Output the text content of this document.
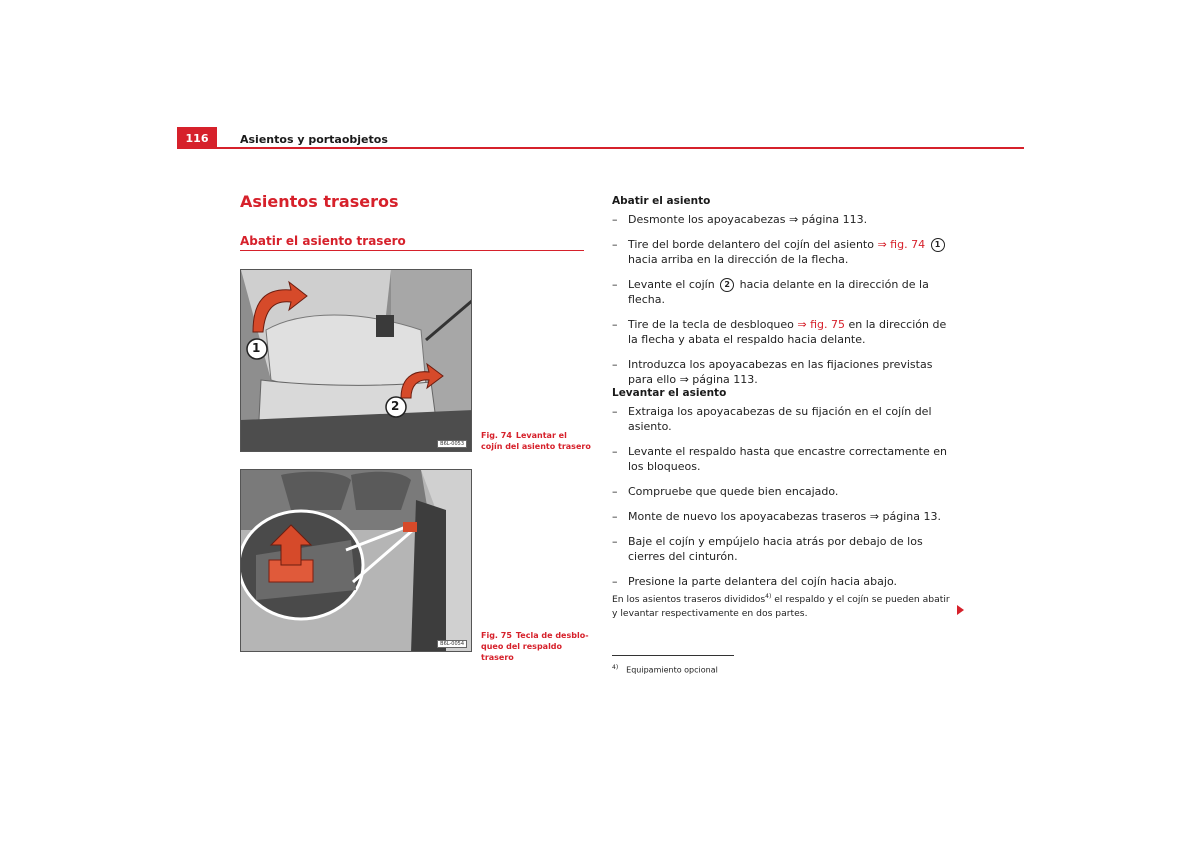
116	Asientos y portaobjetos
Asientos traseros
Abatir el asiento trasero
1
2
B6L-0053
Fig. 74 Levantar el cojín del asiento trasero
B6L-0054
Fig. 75 Tecla de desblo-queo del respaldo trasero
Abatir el asiento
– Desmonte los apoyacabezas ⇒ página 113.
– Tire del borde delantero del cojín del asiento ⇒ fig. 74 1 hacia arriba en la dirección de la flecha.
– Levante el cojín 2 hacia delante en la dirección de la flecha.
– Tire de la tecla de desbloqueo ⇒ fig. 75 en la dirección de la flecha y abata el respaldo hacia delante.
– Introduzca los apoyacabezas en las fijaciones previstas para ello ⇒ página 113.
Levantar el asiento
– Extraiga los apoyacabezas de su fijación en el cojín del asiento.
– Levante el respaldo hasta que encastre correctamente en los bloqueos.
– Compruebe que quede bien encajado.
– Monte de nuevo los apoyacabezas traseros ⇒ página 13.
– Baje el cojín y empújelo hacia atrás por debajo de los cierres del cinturón.
– Presione la parte delantera del cojín hacia abajo.
En los asientos traseros divididos$^{4)}$ el respaldo y el cojín se pueden abatir y levantar respectivamente en dos partes.
$^{4)}$ Equipamiento opcional
